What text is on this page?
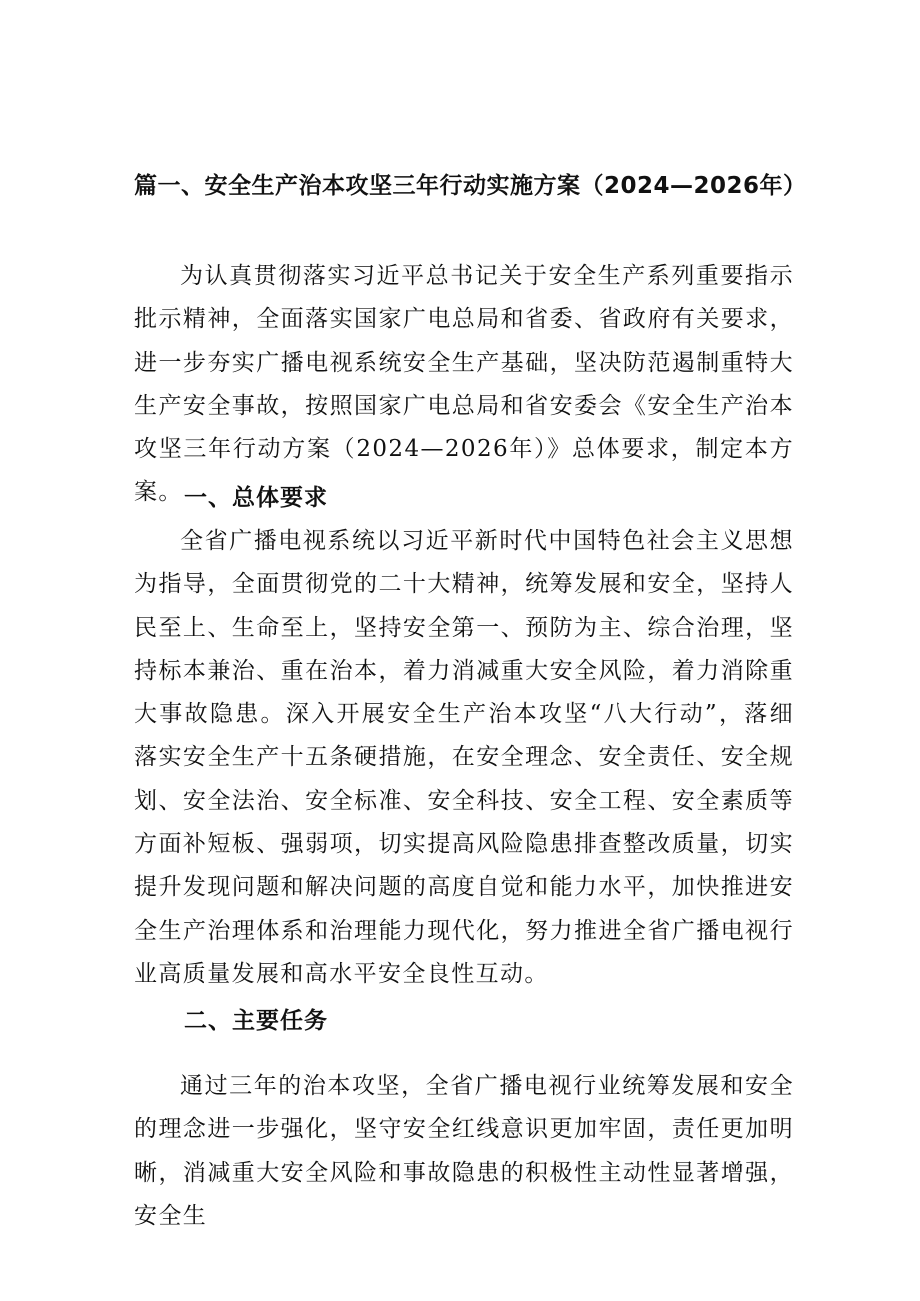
篇一、安全生产治本攻坚三年行动实施方案（2024—2026年）

为认真贯彻落实习近平总书记关于安全生产系列重要指示批示精神，全面落实国家广电总局和省委、省政府有关要求，进一步夯实广播电视系统安全生产基础，坚决防范遏制重特大生产安全事故，按照国家广电总局和省安委会《安全生产治本攻坚三年行动方案（2024—2026年）》总体要求，制定本方案。 一、总体要求

全省广播电视系统以习近平新时代中国特色社会主义思想为指导，全面贯彻党的二十大精神，统筹发展和安全，坚持人民至上、生命至上，坚持安全第一、预防为主、综合治理，坚持标本兼治、重在治本，着力消减重大安全风险，着力消除重大事故隐患。深入开展安全生产治本攻坚“八大行动”，落细落实安全生产十五条硬措施，在安全理念、安全责任、安全规划、安全法治、安全标准、安全科技、安全工程、安全素质等方面补短板、强弱项，切实提高风险隐患排查整改质量，切实提升发现问题和解决问题的高度自觉和能力水平，加快推进安全生产治理体系和治理能力现代化，努力推进全省广播电视行业高质量发展和高水平安全良性互动。

二、主要任务

通过三年的治本攻坚，全省广播电视行业统筹发展和安全的理念进一步强化，坚守安全红线意识更加牢固，责任更加明晰，消减重大安全风险和事故隐患的积极性主动性显著增强，安全生
